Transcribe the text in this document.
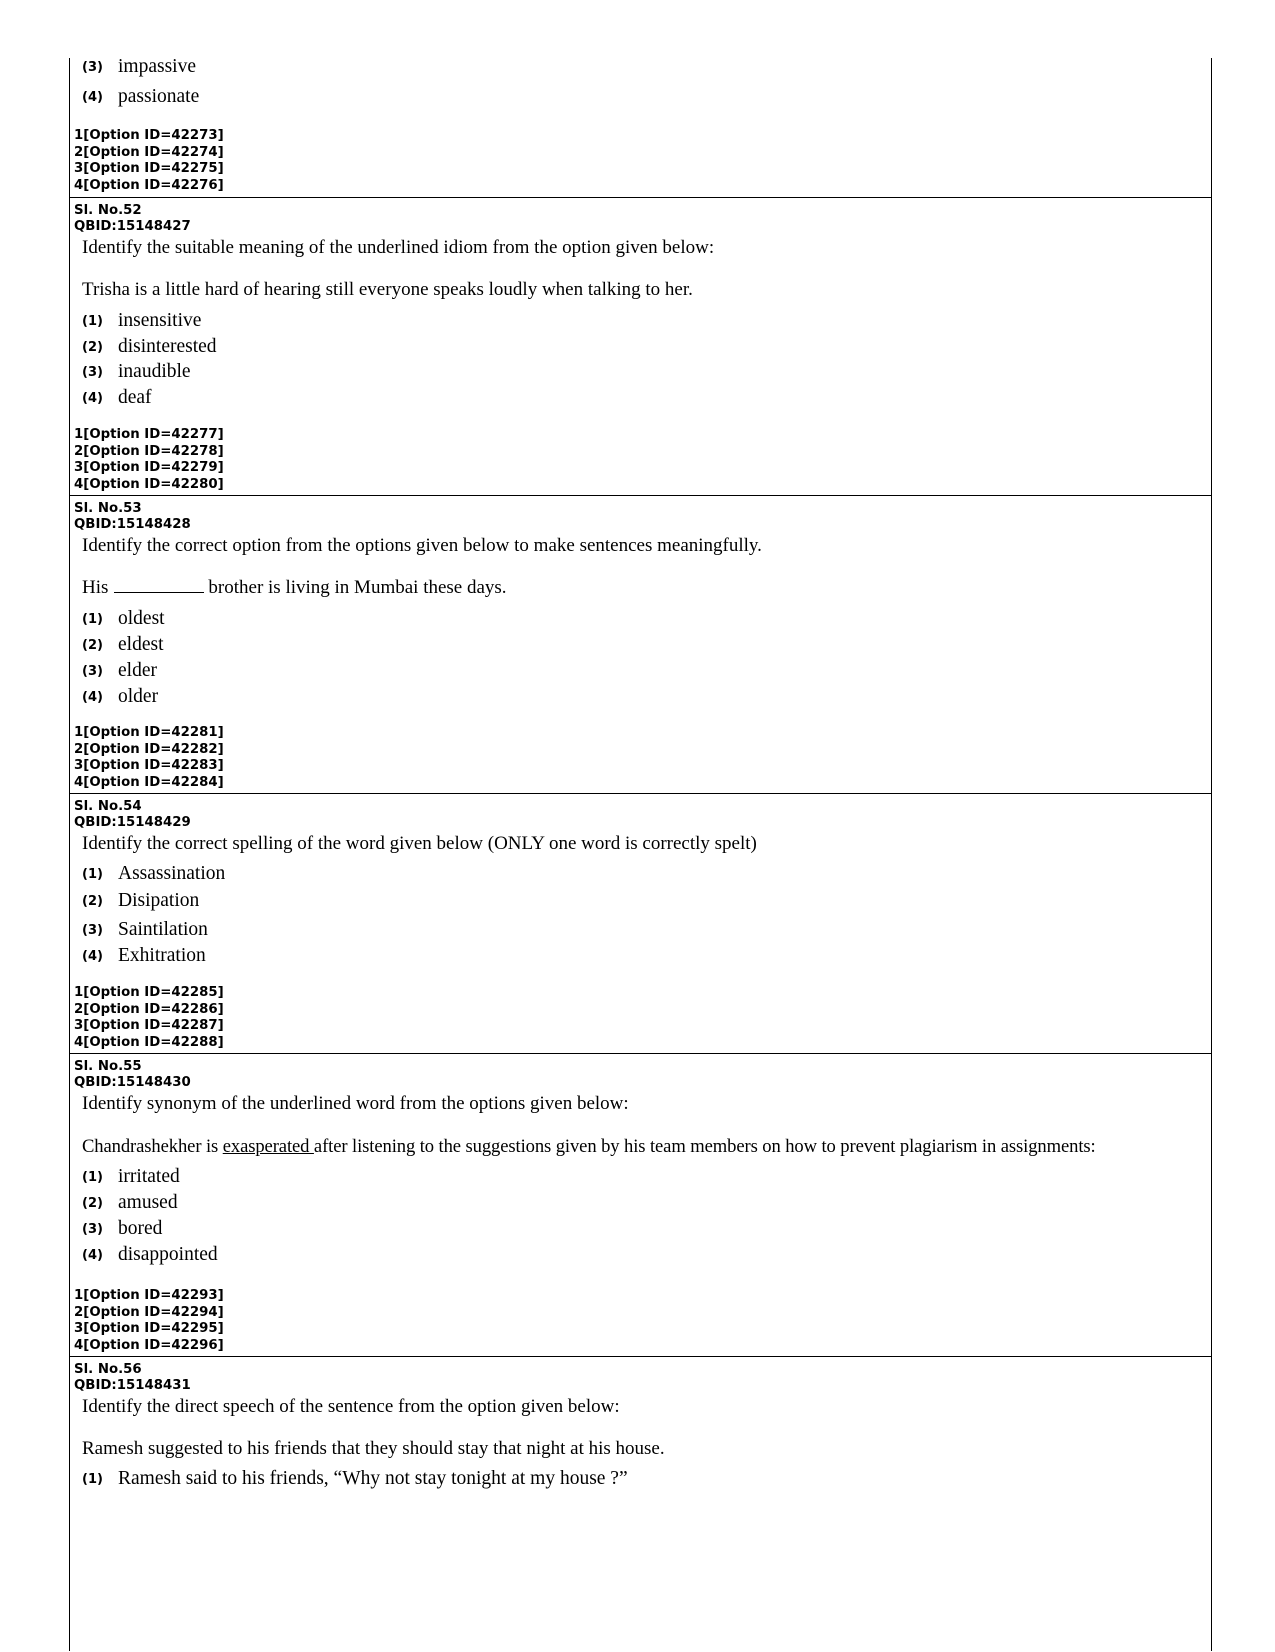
(3) impassive
(4) passionate
1[Option ID=42273]
2[Option ID=42274]
3[Option ID=42275]
4[Option ID=42276]
Sl. No.52
QBID:15148427
Identify the suitable meaning of the underlined idiom from the option given below:
Trisha is a little hard of hearing still everyone speaks loudly when talking to her.
(1) insensitive
(2) disinterested
(3) inaudible
(4) deaf
1[Option ID=42277]
2[Option ID=42278]
3[Option ID=42279]
4[Option ID=42280]
Sl. No.53
QBID:15148428
Identify the correct option from the options given below to make sentences meaningfully.
His	brother is living in Mumbai these days.
(1) oldest
(2) eldest
(3) elder
(4) older
1[Option ID=42281]
2[Option ID=42282]
3[Option ID=42283]
4[Option ID=42284]
Sl. No.54
QBID:15148429
Identify the correct spelling of the word given below (ONLY one word is correctly spelt)
(1) Assassination
(2) Disipation
(3) Saintilation
(4) Exhitration
1[Option ID=42285]
2[Option ID=42286]
3[Option ID=42287]
4[Option ID=42288]
Sl. No.55
QBID:15148430
Identify synonym of the underlined word from the options given below:
Chandrashekher is exasperated after listening to the suggestions given by his team members on how to prevent plagiarism in assignments:
(1) irritated
(2) amused
(3) bored
(4) disappointed
1[Option ID=42293]
2[Option ID=42294]
3[Option ID=42295]
4[Option ID=42296]
Sl. No.56
QBID:15148431
Identify the direct speech of the sentence from the option given below:
Ramesh suggested to his friends that they should stay that night at his house.
(1) Ramesh said to his friends, “Why not stay tonight at my house ?”
